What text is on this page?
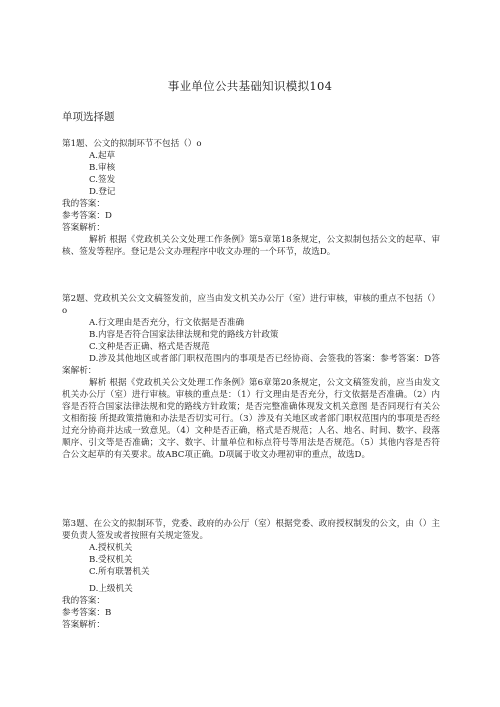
事业单位公共基础知识模拟104
单项选择题
第1题、公文的拟制环节不包括（）o
A.起草
B.审核
C.签发
D.登记
我的答案：
参考答案：D
答案解析：
解析 根据《党政机关公文处理工作条例》第5章第18条规定，公文拟制包括公文的起草、审核、签发等程序。登记是公文办理程序中收文办理的一个环节，故选D。
第2题、党政机关公文文稿签发前，应当由发文机关办公厅（室）进行审核，审核的重点不包括（）o
A.行文理由是否充分，行文依据是否准确
B.内容是否符合国家法律法规和党的路线方针政策
C.文种是否正确、格式是否规范
D.涉及其他地区或者部门职权范围内的事项是否已经协商、会签我的答案：参考答案：D答案解析：
解析 根据《党政机关公文处理工作条例》第6章第20条规定，公文文稿签发前，应当由发文机关办公厅（室）进行审核。审核的重点是：（1）行文理由是否充分，行文依据是否准确。（2）内容是否符合国家法律法规和党的路线方针政策；是否完整准确体现发文机关意图 是否同现行有关公文相衔接 所提政策措施和办法是否切实可行。（3）涉及有关地区或者部门职权范围内的事项是否经过充分协商并达成一致意见。（4）文种是否正确，格式是否规范；人名、地名、时间、数字、段落顺序、引文等是否准确；文字、数字、计量单位和标点符号等用法是否规范。（5）其他内容是否符合公文起草的有关要求。故ABC项正确。D项属于收文办理初审的重点，故选D。
第3题、在公文的拟制环节，党委、政府的办公厅（室）根据党委、政府授权制发的公文，由（）主要负责人签发或者按照有关规定签发。
A.授权机关
B.受权机关
C.所有联署机关
D.上级机关
我的答案：
参考答案：B
答案解析：
